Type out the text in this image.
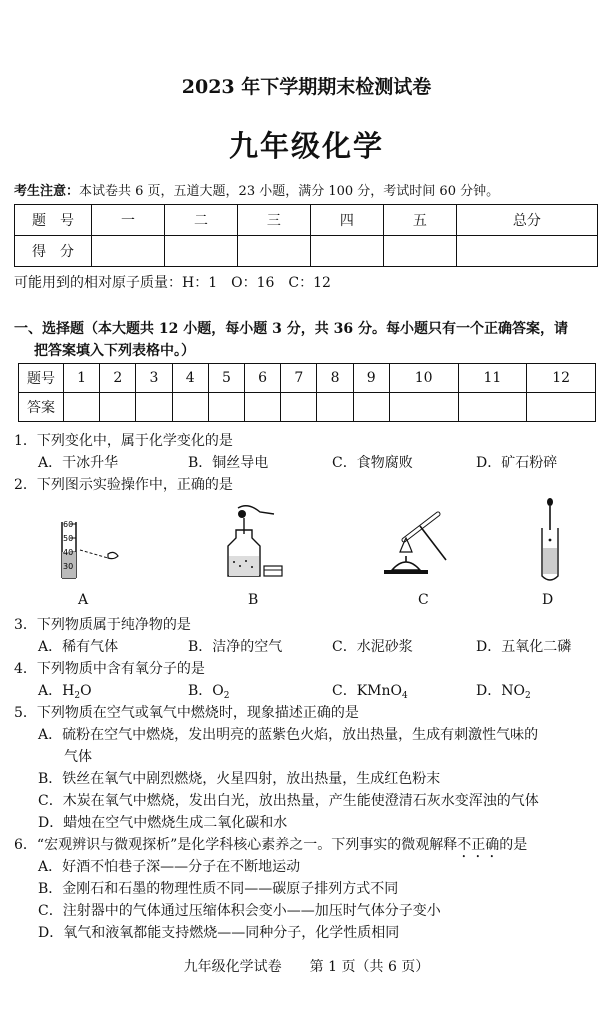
2023 年下学期期末检测试卷
九年级化学
考生注意：本试卷共 6 页，五道大题，23 小题，满分 100 分，考试时间 60 分钟。
题　号	一	二	三	四	五	总分
得　分						
可能用到的相对原子质量：H：1　O：16　C：12
一、选择题（本大题共 12 小题，每小题 3 分，共 36 分。每小题只有一个正确答案，请
把答案填入下列表格中。）
题号	1	2	3	4	5	6	7	8	9	10	11	12
答案												
1．下列变化中，属于化学变化的是
A．干冰升华	B．铜丝导电	C．食物腐败	D．矿石粉碎
2．下列图示实验操作中，正确的是
60
50
40
30
A	B	C	D
3．下列物质属于纯净物的是
A．稀有气体	B．洁净的空气	C．水泥砂浆	D．五氧化二磷
4．下列物质中含有氧分子的是
A．$H_2O$	B．$O_2$	C．KMnO$_4$	D．$NO_2$
5．下列物质在空气或氧气中燃烧时，现象描述正确的是
A．硫粉在空气中燃烧，发出明亮的蓝紫色火焰，放出热量，生成有刺激性气味的
气体
B．铁丝在氧气中剧烈燃烧，火星四射，放出热量，生成红色粉末
C．木炭在氧气中燃烧，发出白光，放出热量，产生能使澄清石灰水变浑浊的气体
D．蜡烛在空气中燃烧生成二氧化碳和水
6．“宏观辨识与微观探析”是化学科核心素养之一。下列事实的微观解释不正确的是
A．好酒不怕巷子深——分子在不断地运动
B．金刚石和石墨的物理性质不同——碳原子排列方式不同
C．注射器中的气体通过压缩体积会变小——加压时气体分子变小
D．氧气和液氧都能支持燃烧——同种分子，化学性质相同
九年级化学试卷　　第 1 页（共 6 页）
